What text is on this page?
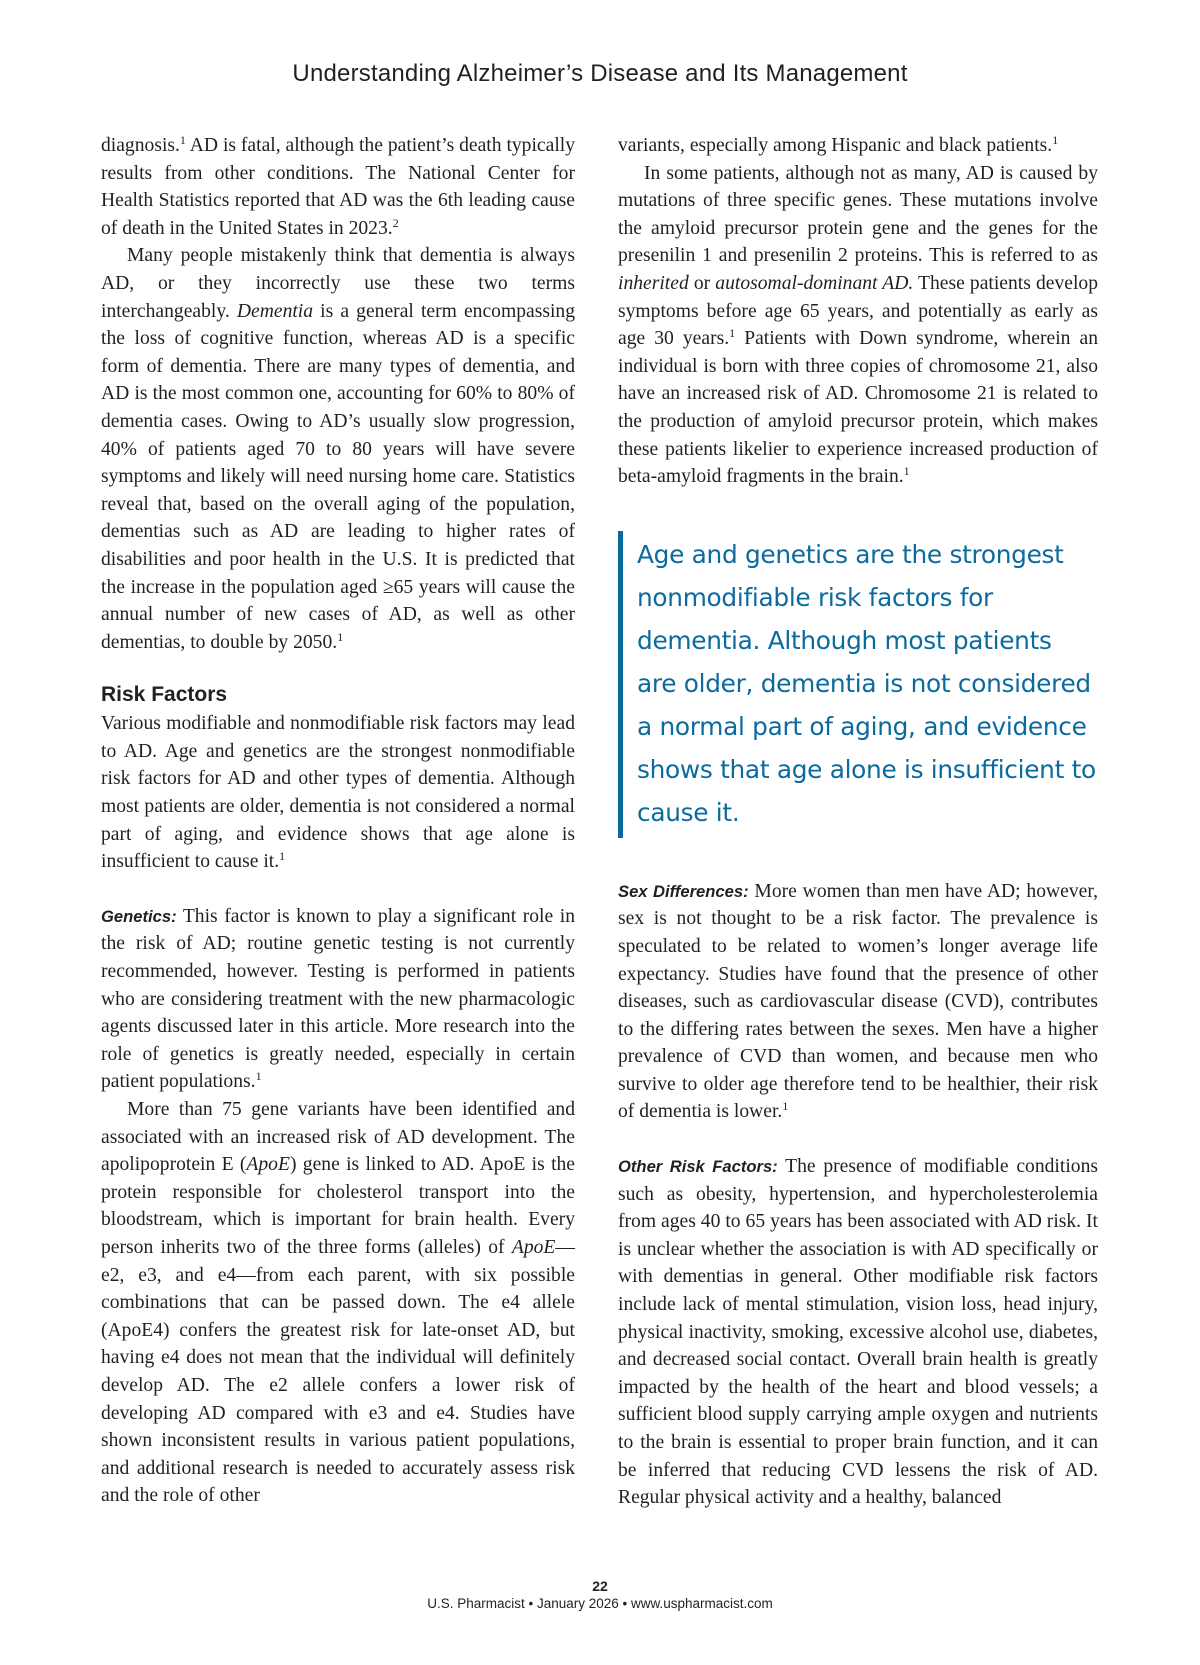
Understanding Alzheimer’s Disease and Its Management

diagnosis.$^1$ AD is fatal, although the patient’s death typically results from other conditions. The National Center for Health Statistics reported that AD was the 6th leading cause of death in the United States in 2023.$^2$

Many people mistakenly think that dementia is always AD, or they incorrectly use these two terms interchangeably. Dementia is a general term encompassing the loss of cognitive function, whereas AD is a specific form of dementia. There are many types of dementia, and AD is the most common one, accounting for 60% to 80% of dementia cases. Owing to AD’s usually slow progression, 40% of patients aged 70 to 80 years will have severe symptoms and likely will need nursing home care. Statistics reveal that, based on the overall aging of the population, dementias such as AD are leading to higher rates of disabilities and poor health in the U.S. It is predicted that the increase in the population aged ≥65 years will cause the annual number of new cases of AD, as well as other dementias, to double by 2050.$^1$

Risk Factors

Various modifiable and nonmodifiable risk factors may lead to AD. Age and genetics are the strongest nonmodifiable risk factors for AD and other types of dementia. Although most patients are older, dementia is not considered a normal part of aging, and evidence shows that age alone is insufficient to cause it.$^1$

Genetics: This factor is known to play a significant role in the risk of AD; routine genetic testing is not currently recommended, however. Testing is performed in patients who are considering treatment with the new pharmacologic agents discussed later in this article. More research into the role of genetics is greatly needed, especially in certain patient populations.$^1$

More than 75 gene variants have been identified and associated with an increased risk of AD development. The apolipoprotein E (ApoE) gene is linked to AD. ApoE is the protein responsible for cholesterol transport into the bloodstream, which is important for brain health. Every person inherits two of the three forms (alleles) of ApoE—e2, e3, and e4—from each parent, with six possible combinations that can be passed down. The e4 allele (ApoE4) confers the greatest risk for late-onset AD, but having e4 does not mean that the individual will definitely develop AD. The e2 allele confers a lower risk of developing AD compared with e3 and e4. Studies have shown inconsistent results in various patient populations, and additional research is needed to accurately assess risk and the role of other

variants, especially among Hispanic and black patients.$^1$

In some patients, although not as many, AD is caused by mutations of three specific genes. These mutations involve the amyloid precursor protein gene and the genes for the presenilin 1 and presenilin 2 proteins. This is referred to as inherited or autosomal-dominant AD. These patients develop symptoms before age 65 years, and potentially as early as age 30 years.$^1$ Patients with Down syndrome, wherein an individual is born with three copies of chromosome 21, also have an increased risk of AD. Chromosome 21 is related to the production of amyloid precursor protein, which makes these patients likelier to experience increased production of beta-amyloid fragments in the brain.$^1$

Age and genetics are the strongest nonmodifiable risk factors for dementia. Although most patients are older, dementia is not considered a normal part of aging, and evidence shows that age alone is insufficient to cause it.

Sex Differences: More women than men have AD; however, sex is not thought to be a risk factor. The prevalence is speculated to be related to women’s longer average life expectancy. Studies have found that the presence of other diseases, such as cardiovascular disease (CVD), contributes to the differing rates between the sexes. Men have a higher prevalence of CVD than women, and because men who survive to older age therefore tend to be healthier, their risk of dementia is lower.$^1$

Other Risk Factors: The presence of modifiable conditions such as obesity, hypertension, and hypercholesterolemia from ages 40 to 65 years has been associated with AD risk. It is unclear whether the association is with AD specifically or with dementias in general. Other modifiable risk factors include lack of mental stimulation, vision loss, head injury, physical inactivity, smoking, excessive alcohol use, diabetes, and decreased social contact. Overall brain health is greatly impacted by the health of the heart and blood vessels; a sufficient blood supply carrying ample oxygen and nutrients to the brain is essential to proper brain function, and it can be inferred that reducing CVD lessens the risk of AD. Regular physical activity and a healthy, balanced

22
U.S. Pharmacist • January 2026 • www.uspharmacist.com
